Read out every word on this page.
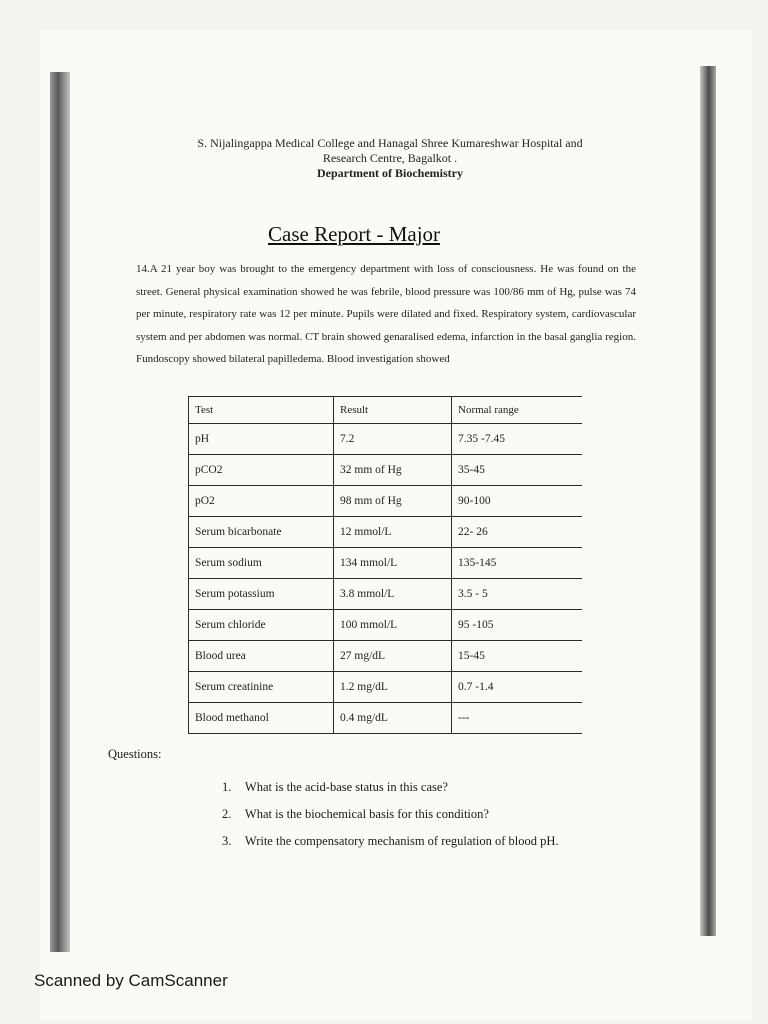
S. Nijalingappa Medical College and Hanagal Shree Kumareshwar Hospital and
Research Centre, Bagalkot .
Department of Biochemistry
Case Report - Major
14.A 21 year boy was brought to the emergency department with loss of consciousness. He was found on the street. General physical examination showed he was febrile, blood pressure was 100/86 mm of Hg, pulse was 74 per minute, respiratory rate was 12 per minute. Pupils were dilated and fixed. Respiratory system, cardiovascular system and per abdomen was normal. CT brain showed genaralised edema, infarction in the basal ganglia region. Fundoscopy showed bilateral papilledema. Blood investigation showed
Test	Result	Normal range
pH	7.2	7.35 -7.45
pCO2	32 mm of Hg	35-45
pO2	98 mm of Hg	90-100
Serum bicarbonate	12 mmol/L	22- 26
Serum sodium	134 mmol/L	135-145
Serum potassium	3.8 mmol/L	3.5 - 5
Serum chloride	100 mmol/L	95 -105
Blood urea	27 mg/dL	15-45
Serum creatinine	1.2 mg/dL	0.7 -1.4
Blood methanol	0.4 mg/dL	---
Questions:
1. What is the acid-base status in this case?
2. What is the biochemical basis for this condition?
3. Write the compensatory mechanism of regulation of blood pH.
Scanned by CamScanner
